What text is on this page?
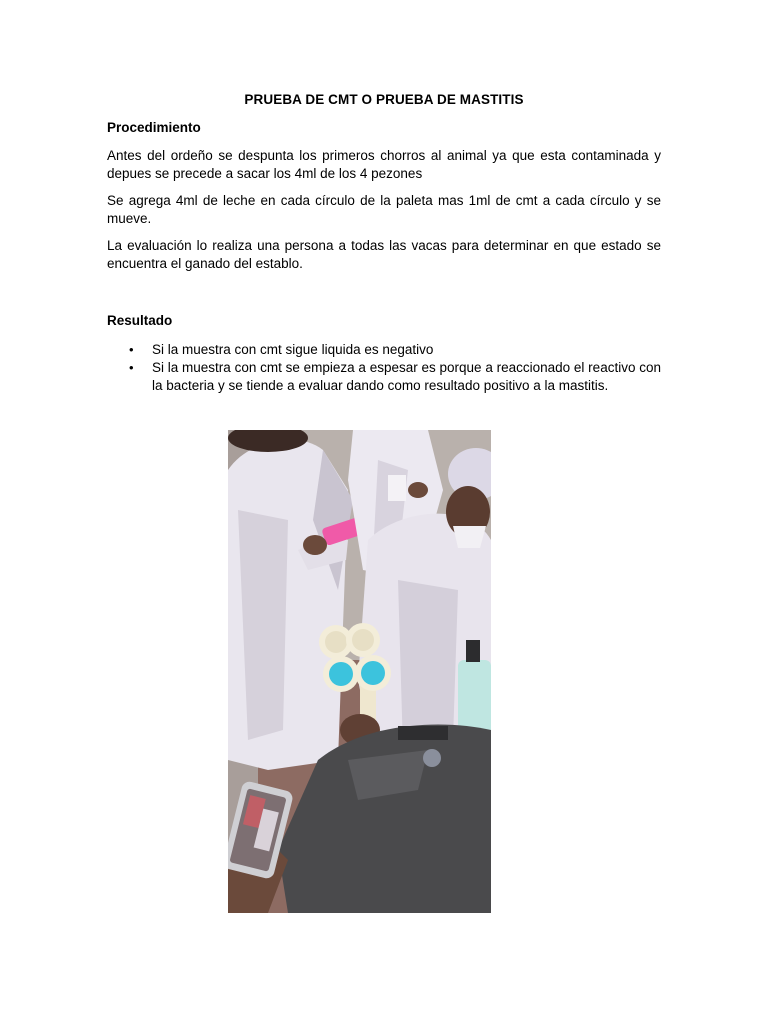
PRUEBA DE CMT O PRUEBA DE MASTITIS
Procedimiento
Antes del ordeño se despunta los primeros chorros al animal ya que esta contaminada y depues se precede a sacar los 4ml de los 4 pezones
Se agrega 4ml de leche en cada círculo de la paleta mas 1ml de cmt a cada círculo y se mueve.
La evaluación lo realiza una persona a todas las vacas para determinar en que estado se encuentra el ganado del establo.
Resultado
• Si la muestra con cmt sigue liquida es negativo
• Si la muestra con cmt se empieza a espesar es porque a reaccionado el reactivo con la bacteria y se tiende a evaluar dando como resultado positivo a la mastitis.
